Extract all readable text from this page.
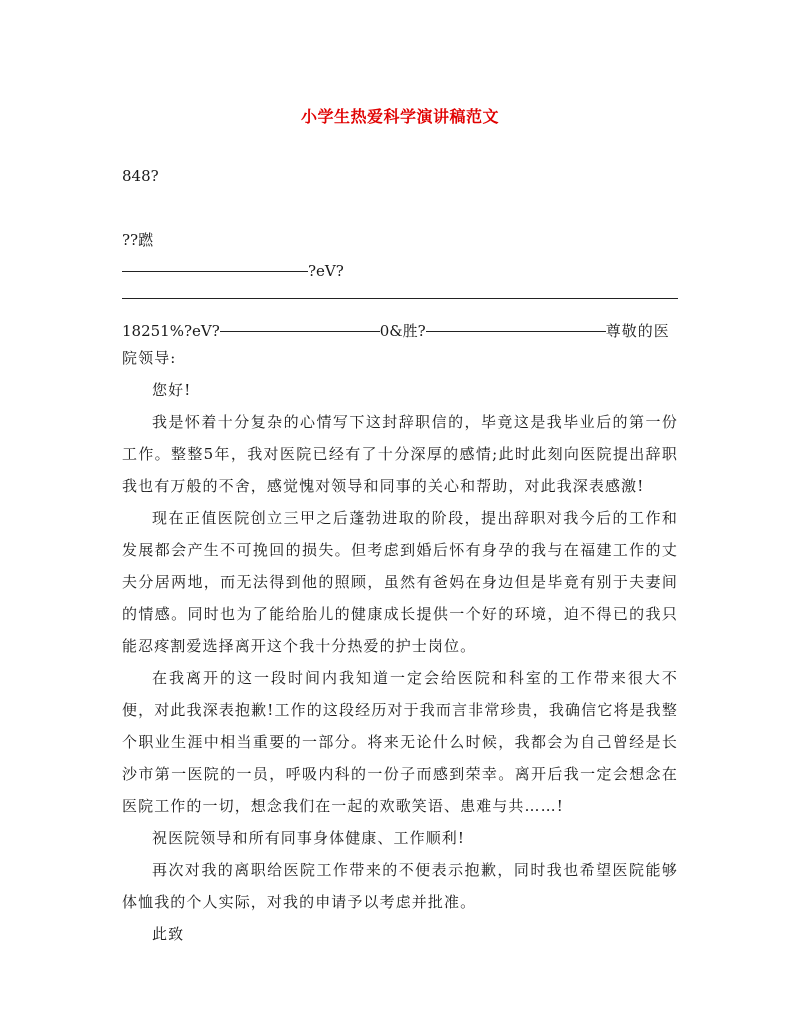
小学生热爱科学演讲稿范文
848?
??蹨
?eV?
18251%?eV?	0&胜?	尊敬的医

院领导:

您好!

我是怀着十分复杂的心情写下这封辞职信的，毕竟这是我毕业后的第一份工作。整整5年，我对医院已经有了十分深厚的感情;此时此刻向医院提出辞职我也有万般的不舍，感觉愧对领导和同事的关心和帮助，对此我深表感激!

现在正值医院创立三甲之后蓬勃进取的阶段，提出辞职对我今后的工作和发展都会产生不可挽回的损失。但考虑到婚后怀有身孕的我与在福建工作的丈夫分居两地，而无法得到他的照顾，虽然有爸妈在身边但是毕竟有别于夫妻间的情感。同时也为了能给胎儿的健康成长提供一个好的环境，迫不得已的我只能忍疼割爱选择离开这个我十分热爱的护士岗位。

在我离开的这一段时间内我知道一定会给医院和科室的工作带来很大不便，对此我深表抱歉!工作的这段经历对于我而言非常珍贵，我确信它将是我整个职业生涯中相当重要的一部分。将来无论什么时候，我都会为自己曾经是长沙市第一医院的一员，呼吸内科的一份子而感到荣幸。离开后我一定会想念在医院工作的一切，想念我们在一起的欢歌笑语、患难与共……!

祝医院领导和所有同事身体健康、工作顺利!

再次对我的离职给医院工作带来的不便表示抱歉，同时我也希望医院能够体恤我的个人实际，对我的申请予以考虑并批准。

此致
